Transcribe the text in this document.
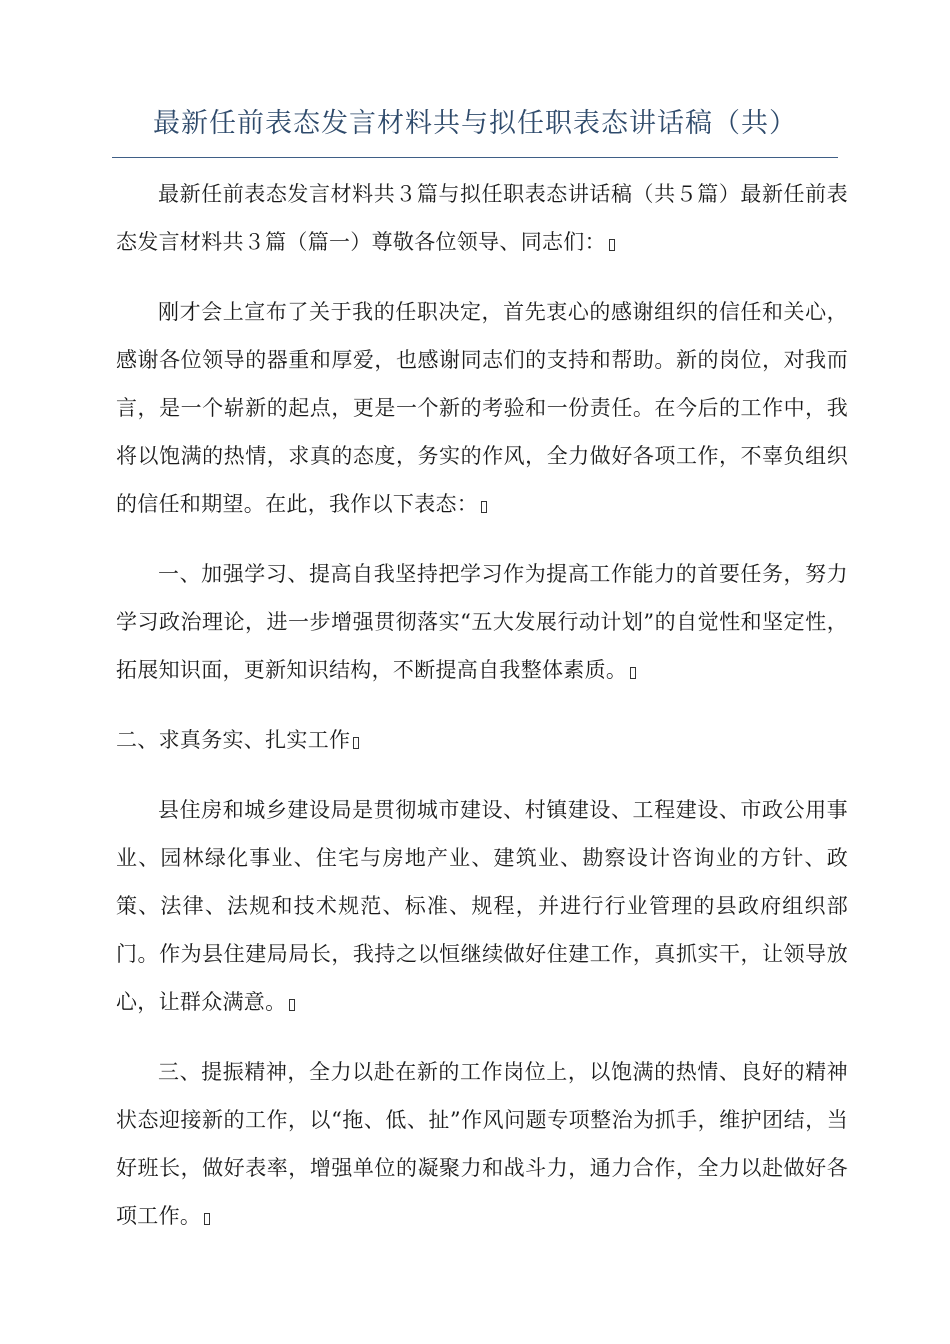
最新任前表态发言材料共与拟任职表态讲话稿（共）

最新任前表态发言材料共３篇与拟任职表态讲话稿（共５篇）最新任前表态发言材料共３篇（篇一）尊敬各位领导、同志们：

刚才会上宣布了关于我的任职决定，首先衷心的感谢组织的信任和关心，感谢各位领导的器重和厚爱，也感谢同志们的支持和帮助。新的岗位，对我而言，是一个崭新的起点，更是一个新的考验和一份责任。在今后的工作中，我将以饱满的热情，求真的态度，务实的作风，全力做好各项工作，不辜负组织的信任和期望。在此，我作以下表态：

一、加强学习、提高自我坚持把学习作为提高工作能力的首要任务，努力学习政治理论，进一步增强贯彻落实“五大发展行动计划”的自觉性和坚定性，拓展知识面，更新知识结构，不断提高自我整体素质。

二、求真务实、扎实工作

县住房和城乡建设局是贯彻城市建设、村镇建设、工程建设、市政公用事业、园林绿化事业、住宅与房地产业、建筑业、勘察设计咨询业的方针、政策、法律、法规和技术规范、标准、规程，并进行行业管理的县政府组织部门。作为县住建局局长，我持之以恒继续做好住建工作，真抓实干，让领导放心，让群众满意。

三、提振精神，全力以赴在新的工作岗位上，以饱满的热情、良好的精神状态迎接新的工作，以“拖、低、扯”作风问题专项整治为抓手，维护团结，当好班长，做好表率，增强单位的凝聚力和战斗力，通力合作，全力以赴做好各项工作。
